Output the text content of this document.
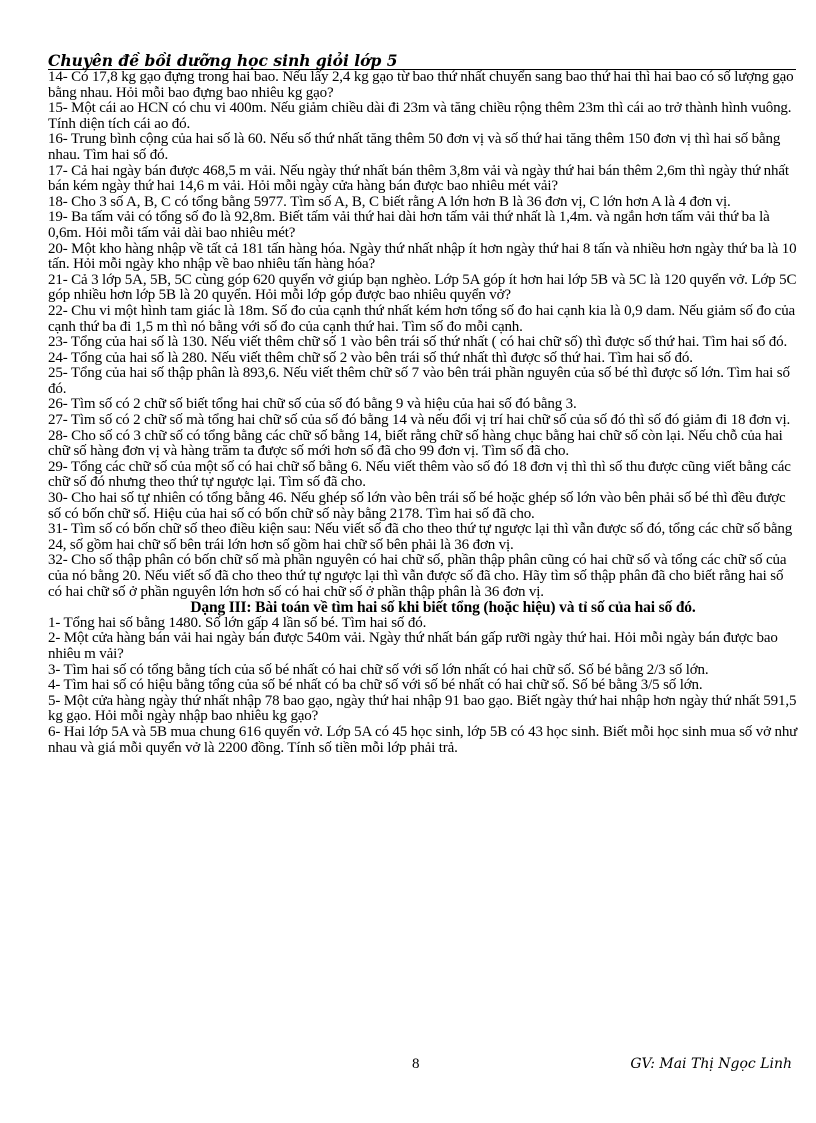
Chuyên đề bồi dưỡng học sinh giỏi lớp 5

14- Có 17,8 kg gạo đựng trong hai bao. Nếu lấy 2,4 kg gạo từ bao thứ nhất chuyển sang bao thứ hai thì hai bao có số lượng gạo bằng nhau. Hỏi mỗi bao đựng bao nhiêu kg gạo?

15- Một cái ao HCN có chu vi 400m. Nếu giảm chiều dài đi 23m và tăng chiều rộng thêm 23m thì cái ao trở thành hình vuông. Tính diện tích cái ao đó.

16- Trung bình cộng của hai số là 60. Nếu số thứ nhất tăng thêm 50 đơn vị và số thứ hai tăng thêm 150 đơn vị thì hai số bằng nhau. Tìm hai số đó.

17- Cả hai ngày bán được 468,5 m vải. Nếu ngày thứ nhất bán thêm 3,8m vải và ngày thứ hai bán thêm 2,6m thì ngày thứ nhất bán kém ngày thứ hai 14,6 m vải. Hỏi mỗi ngày cửa hàng bán được bao nhiêu mét vải?

18- Cho 3 số A, B, C có tổng bằng 5977. Tìm số A, B, C biết rằng A lớn hơn B là 36 đơn vị, C lớn hơn A là 4 đơn vị.

19- Ba tấm vải có tổng số đo là 92,8m. Biết tấm vải thứ hai dài hơn tấm vải thứ nhất là 1,4m. và ngắn hơn tấm vải thứ ba là 0,6m. Hỏi mỗi tấm vải dài bao nhiêu mét?

20- Một kho hàng nhập về tất cả 181 tấn hàng hóa. Ngày thứ nhất nhập ít hơn ngày thứ hai 8 tấn và nhiều hơn ngày thứ ba là 10 tấn. Hỏi mỗi ngày kho nhập về bao nhiêu tấn hàng hóa?

21- Cả 3 lớp 5A, 5B, 5C cùng góp 620 quyển vở giúp bạn nghèo. Lớp 5A góp ít hơn hai lớp 5B và 5C là 120 quyển vở. Lớp 5C góp nhiều hơn lớp 5B là 20 quyển. Hỏi mỗi lớp góp được bao nhiêu quyển vở?

22- Chu vi một hình tam giác là 18m. Số đo của cạnh thứ nhất kém hơn tổng số đo hai cạnh kia là 0,9 dam. Nếu giảm số đo của cạnh thứ ba đi 1,5 m thì nó bằng với số đo của cạnh thứ hai. Tìm số đo mỗi cạnh.

23- Tổng của hai số là 130. Nếu viết thêm chữ số 1 vào bên trái số thứ nhất ( có hai chữ số) thì được số thứ hai. Tìm hai số đó.

24- Tổng của hai số là 280. Nếu viết thêm chữ số 2 vào bên trái số thứ nhất thì được số thứ hai. Tìm hai số đó.

25- Tổng của hai số thập phân là 893,6. Nếu viết thêm chữ số 7 vào bên trái phần nguyên của số bé thì được số lớn. Tìm hai số đó.

26- Tìm số có 2 chữ số biết tổng hai chữ số của số đó bằng 9 và hiệu của hai số đó bằng 3.

27- Tìm số có 2 chữ số mà tổng hai chữ số của số đó bằng 14 và nếu đổi vị trí hai chữ số của số đó thì số đó giảm đi 18 đơn vị.

28- Cho số có 3 chữ số có tổng bằng các chữ số bằng 14, biết rằng chữ số hàng chục bằng hai chữ số còn lại. Nếu chỗ của hai chữ số hàng đơn vị và hàng trăm ta được số mới hơn số đã cho 99 đơn vị. Tìm số đã cho.

29- Tổng các chữ số của một số có hai chữ số bằng 6. Nếu viết thêm vào số đó 18 đơn vị thì thì số thu được cũng viết bằng các chữ số đó nhưng theo thứ tự ngược lại. Tìm số đã cho.

30- Cho hai số tự nhiên có tổng bằng 46. Nếu ghép số lớn vào bên trái số bé hoặc ghép số lớn vào bên phải số bé thì đều được số có bốn chữ số. Hiệu của hai số có bốn chữ số này bằng 2178. Tìm hai số đã cho.

31- Tìm số có bốn chữ số theo điều kiện sau: Nếu viết số đã cho theo thứ tự ngược lại thì vẫn được số đó, tổng các chữ số bằng 24, số gồm hai chữ số bên trái lớn hơn số gồm hai chữ số bên phải là 36 đơn vị.

32- Cho số thập phân có bốn chữ số mà phần nguyên có hai chữ số, phần thập phân cũng có hai chữ số và tổng các chữ số của của nó bằng 20. Nếu viết số đã cho theo thứ tự ngược lại thì vẫn được số đã cho. Hãy tìm số thập phân đã cho biết rằng hai số có hai chữ số ở phần nguyên lớn hơn số có hai chữ số ở phần thập phân là 36 đơn vị.

Dạng III: Bài toán về tìm hai số khi biết tổng (hoặc hiệu) và tỉ số của hai số đó.

1- Tổng hai số bằng 1480. Số lớn gấp 4 lần số bé. Tìm hai số đó.

2- Một cửa hàng bán vải hai ngày bán được 540m vải. Ngày thứ nhất bán gấp rưỡi ngày thứ hai. Hỏi mỗi ngày bán được bao nhiêu m vải?

3- Tìm hai số có tổng bằng tích của số bé nhất có hai chữ số với số lớn nhất có hai chữ số. Số bé bằng 2/3 số lớn.

4- Tìm hai số có hiệu bằng tổng của số bé nhất có ba chữ số với số bé nhất có hai chữ số. Số bé bằng 3/5 số lớn.

5- Một cửa hàng ngày thứ nhất nhập 78 bao gạo, ngày thứ hai nhập 91 bao gạo. Biết ngày thứ hai nhập hơn ngày thứ nhất 591,5 kg gạo. Hỏi mỗi ngày nhập bao nhiêu kg gạo?

6- Hai lớp 5A và 5B mua chung 616 quyển vở. Lớp 5A có 45 học sinh, lớp 5B có 43 học sinh. Biết mỗi học sinh mua số vở như nhau và giá mỗi quyển vở là 2200 đồng. Tính số tiền mỗi lớp phải trả.

8	GV: Mai Thị Ngọc Linh
